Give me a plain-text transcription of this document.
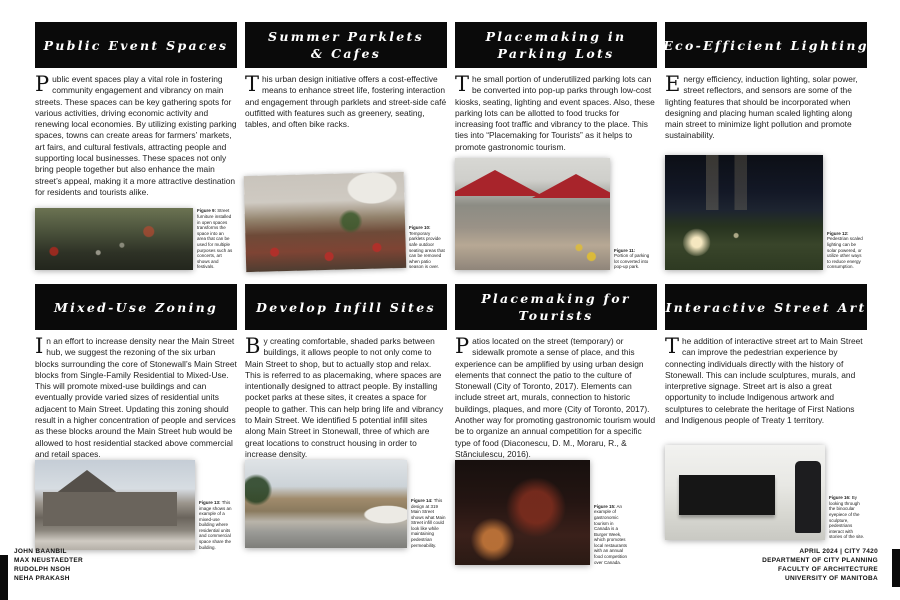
Public Event Spaces

Public event spaces play a vital role in fostering community engagement and vibrancy on main streets. These spaces can be key gathering spots for various activities, driving economic activity and renewing local economies. By utilizing existing parking spaces, towns can create areas for farmers’ markets, art fairs, and cultural festivals, attracting people and supporting local businesses. These spaces not only bring people together but also enhance the main street’s appeal, making it a more attractive destination for residents and tourists alike.

Figure 9: Street furniture installed in open spaces transforms the space into an area that can be used for multiple purposes such as concerts, art shows and festivals.
Summer Parklets
& Cafes

This urban design initiative offers a cost-effective means to enhance street life, fostering interaction and engagement through parklets and street-side café outfitted with features such as greenery, seating, tables, and often bike racks.

Figure 10: Temporary parklets provide safe outdoor seating areas that can be removed when patio season is over.
Placemaking in
Parking Lots

The small portion of underutilized parking lots can be converted into pop-up parks through low-cost kiosks, seating, lighting and event spaces. Also, these parking lots can be allotted to food trucks for increasing foot traffic and vibrancy to the place. This ties into “Placemaking for Tourists” as it helps to promote gastronomic tourism.

Figure 11: Portion of parking lot converted into pop-up park.
Eco-Efficient Lighting

Energy efficiency, induction lighting, solar power, street reflectors, and sensors are some of the lighting features that should be incorporated when designing and placing human scaled lighting along main street to minimize light pollution and promote sustainability.

Figure 12: Pedestrian scaled lighting can be solar powered, or utilize other ways to reduce energy consumption.
Mixed-Use Zoning

In an effort to increase density near the Main Street hub, we suggest the rezoning of the six urban blocks surrounding the core of Stonewall’s Main Street blocks from Single-Family Residential to Mixed-Use. This will promote mixed-use buildings and can eventually provide varied sizes of residential units adjacent to Main Street. Updating this zoning should result in a higher concentration of people and services as these blocks around the Main Street hub would be allowed to host residential stacked above commercial and retail spaces.

Figure 13: This image shows an example of a mixed-use building where residential units and commercial space share the building.
Develop Infill Sites

By creating comfortable, shaded parks between buildings, it allows people to not only come to Main Street to shop, but to actually stop and relax. This is referred to as placemaking, where spaces are intentionally designed to attract people. By installing pocket parks at these sites, it creates a space for people to gather. This can help bring life and vibrancy to Main Street. We identified 5 potential infill sites along Main Street in Stonewall, three of which are great locations to construct housing in order to increase density.

Figure 14: This design at 319 Main Street shows what Main Street infill could look like while maintaining pedestrian permeability.
Placemaking for
Tourists

Patios located on the street (temporary) or sidewalk promote a sense of place, and this experience can be amplified by using urban design elements that connect the patio to the culture of Stonewall (City of Toronto, 2017). Elements can include street art, murals, connection to historic buildings, plaques, and more (City of Toronto, 2017). Another way for promoting gastronomic tourism would be to organize an annual competition for a specific type of food (Diaconescu, D. M., Moraru, R., & Stănciulescu, 2016).

Figure 15: An example of gastronomic tourism in Canada is a Burger Week, which promotes local restaurants with an annual food competition over Canada.
Interactive Street Art

The addition of interactive street art to Main Street can improve the pedestrian experience by connecting individuals directly with the history of Stonewall. This can include sculptures, murals, and interpretive signage. Street art is also a great opportunity to include Indigenous artwork and sculptures to celebrate the heritage of First Nations and Indigenous people of Treaty 1 territory.

Figure 16: By looking through the binocular eyepiece of the sculpture, pedestrians interact with stories of the site.
JOHN BAANBIL
MAX NEUSTAEDTER
RUDOLPH NSOH
NEHA PRAKASH
APRIL 2024 | CITY 7420
DEPARTMENT OF CITY PLANNING
FACULTY OF ARCHITECTURE
UNIVERSITY OF MANITOBA
